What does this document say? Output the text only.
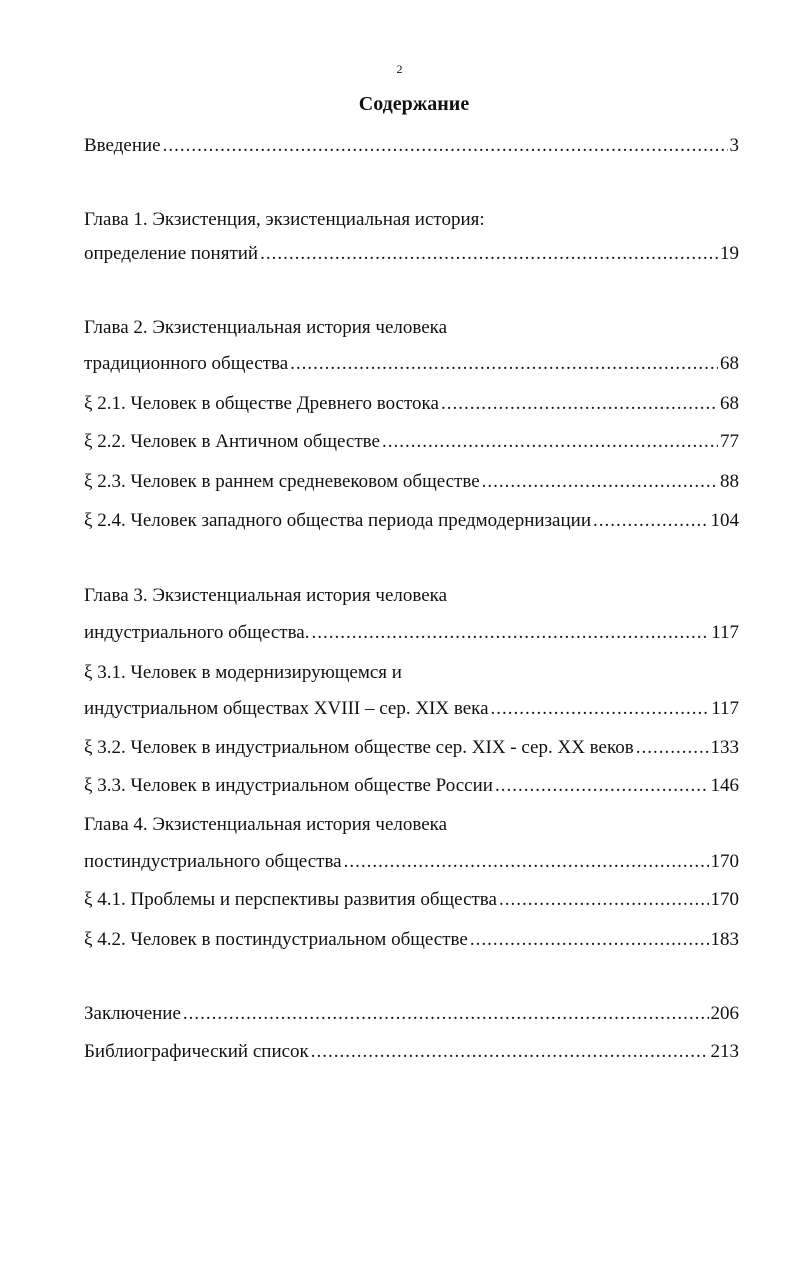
2
Содержание
Введение .....	3
Глава 1. Экзистенция, экзистенциальная история:
определение понятий .....	19
Глава 2. Экзистенциальная история человека
традиционного общества .....	68
ξ 2.1. Человек в обществе Древнего востока .....	68
ξ 2.2. Человек в Античном обществе .....	77
ξ 2.3. Человек в раннем средневековом обществе .....	88
ξ 2.4. Человек западного общества периода предмодернизации .....	104
Глава 3. Экзистенциальная история человека
индустриального общества. .....	117
ξ 3.1. Человек в модернизирующемся и
индустриальном обществах XVIII – сер. XIX века .....	117
ξ 3.2. Человек в индустриальном обществе сер. XIX - сер. XX веков .....	133
ξ 3.3. Человек в индустриальном обществе России .....	146
Глава 4. Экзистенциальная история человека
постиндустриального общества .....	170
ξ 4.1. Проблемы и перспективы развития общества .....	170
ξ 4.2. Человек в постиндустриальном обществе .....	183
Заключение .....	206
Библиографический список .....	213
